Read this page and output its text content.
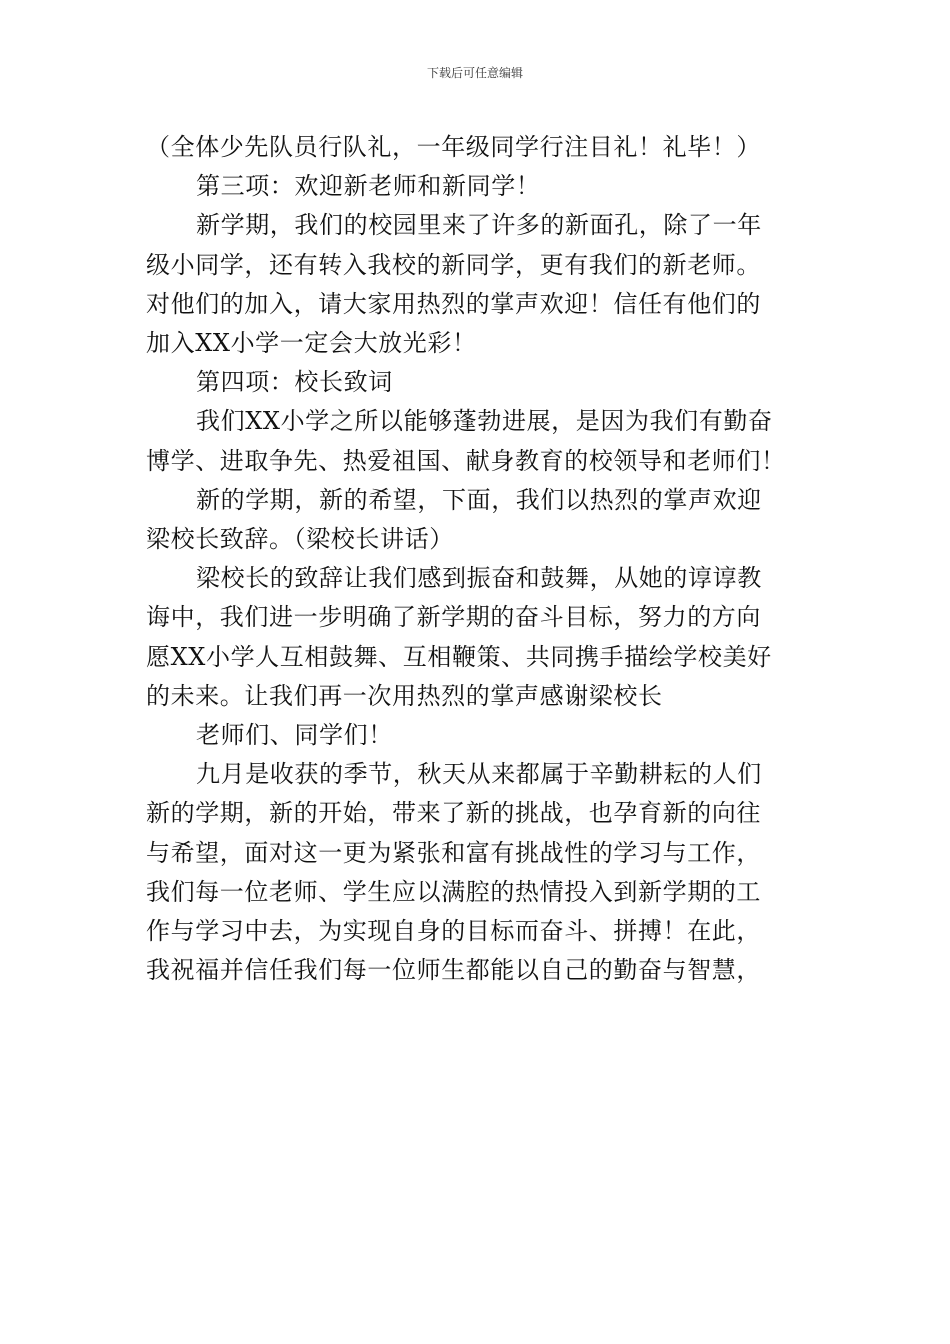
下载后可任意编辑

（全体少先队员行队礼，一年级同学行注目礼！礼毕！）

第三项：欢迎新老师和新同学！

新学期，我们的校园里来了许多的新面孔，除了一年

级小同学，还有转入我校的新同学，更有我们的新老师。

对他们的加入，请大家用热烈的掌声欢迎！信任有他们的

加入XX小学一定会大放光彩！

第四项：校长致词

我们XX小学之所以能够蓬勃进展，是因为我们有勤奋

博学、进取争先、热爱祖国、献身教育的校领导和老师们！

新的学期，新的希望，下面，我们以热烈的掌声欢迎

梁校长致辞。（梁校长讲话）

梁校长的致辞让我们感到振奋和鼓舞，从她的谆谆教

诲中，我们进一步明确了新学期的奋斗目标，努力的方向

愿XX小学人互相鼓舞、互相鞭策、共同携手描绘学校美好

的未来。让我们再一次用热烈的掌声感谢梁校长

老师们、同学们！

九月是收获的季节，秋天从来都属于辛勤耕耘的人们

新的学期，新的开始，带来了新的挑战，也孕育新的向往

与希望，面对这一更为紧张和富有挑战性的学习与工作，

我们每一位老师、学生应以满腔的热情投入到新学期的工

作与学习中去，为实现自身的目标而奋斗、拼搏！在此，

我祝福并信任我们每一位师生都能以自己的勤奋与智慧，
